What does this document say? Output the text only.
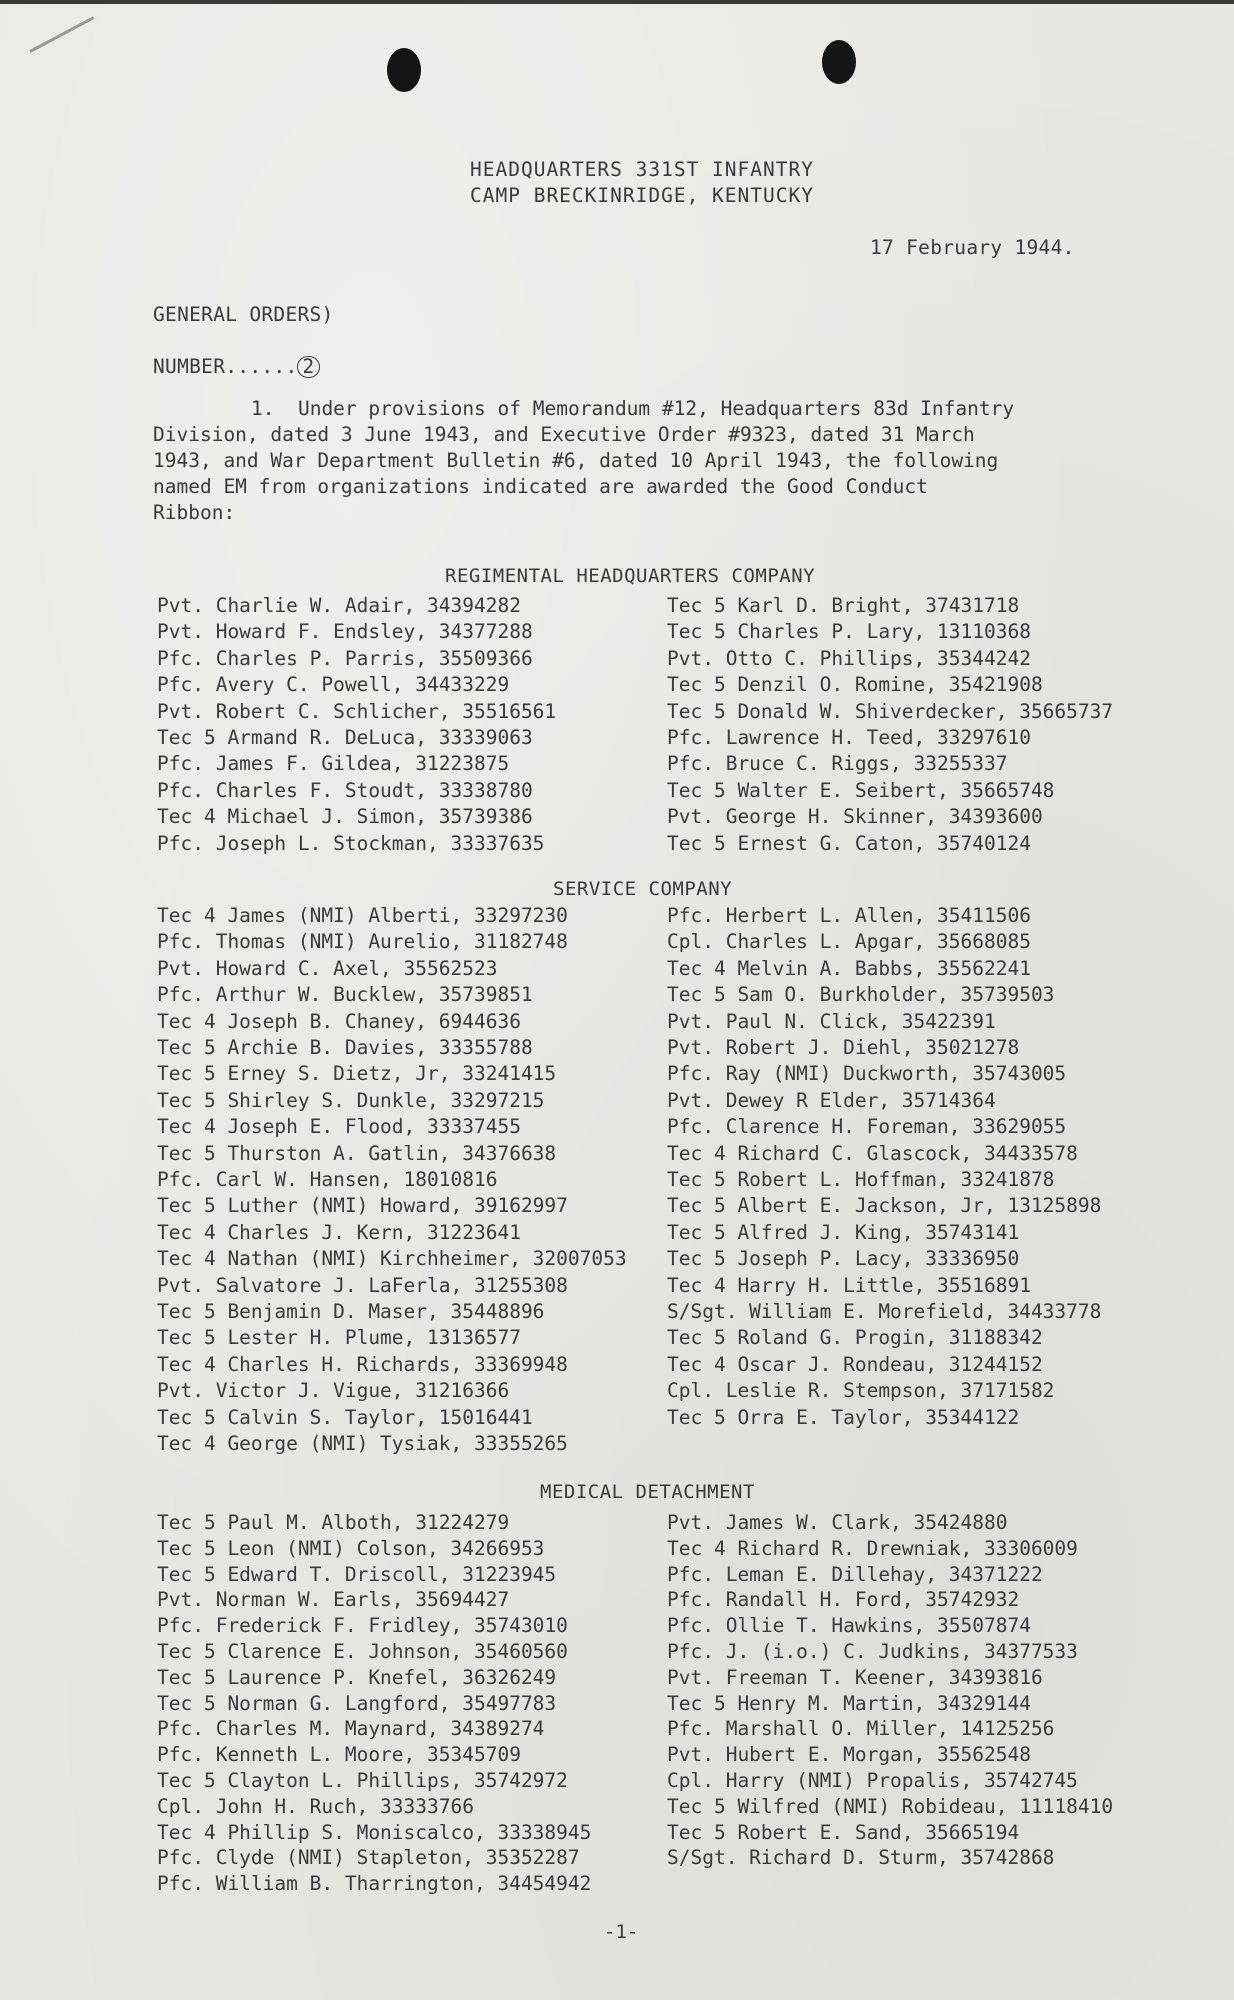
HEADQUARTERS 331ST INFANTRY
CAMP BRECKINRIDGE, KENTUCKY
17 February 1944.
GENERAL ORDERS)
NUMBER...... 2
1.  Under provisions of Memorandum #12, Headquarters 83d Infantry
Division, dated 3 June 1943, and Executive Order #9323, dated 31 March
1943, and War Department Bulletin #6, dated 10 April 1943, the following
named EM from organizations indicated are awarded the Good Conduct
Ribbon:
REGIMENTAL HEADQUARTERS COMPANY
Pvt. Charlie W. Adair, 34394282
Pvt. Howard F. Endsley, 34377288
Pfc. Charles P. Parris, 35509366
Pfc. Avery C. Powell, 34433229
Pvt. Robert C. Schlicher, 35516561
Tec 5 Armand R. DeLuca, 33339063
Pfc. James F. Gildea, 31223875
Pfc. Charles F. Stoudt, 33338780
Tec 4 Michael J. Simon, 35739386
Pfc. Joseph L. Stockman, 33337635
Tec 5 Karl D. Bright, 37431718
Tec 5 Charles P. Lary, 13110368
Pvt. Otto C. Phillips, 35344242
Tec 5 Denzil O. Romine, 35421908
Tec 5 Donald W. Shiverdecker, 35665737
Pfc. Lawrence H. Teed, 33297610
Pfc. Bruce C. Riggs, 33255337
Tec 5 Walter E. Seibert, 35665748
Pvt. George H. Skinner, 34393600
Tec 5 Ernest G. Caton, 35740124
SERVICE COMPANY
Tec 4 James (NMI) Alberti, 33297230
Pfc. Thomas (NMI) Aurelio, 31182748
Pvt. Howard C. Axel, 35562523
Pfc. Arthur W. Bucklew, 35739851
Tec 4 Joseph B. Chaney, 6944636
Tec 5 Archie B. Davies, 33355788
Tec 5 Erney S. Dietz, Jr, 33241415
Tec 5 Shirley S. Dunkle, 33297215
Tec 4 Joseph E. Flood, 33337455
Tec 5 Thurston A. Gatlin, 34376638
Pfc. Carl W. Hansen, 18010816
Tec 5 Luther (NMI) Howard, 39162997
Tec 4 Charles J. Kern, 31223641
Tec 4 Nathan (NMI) Kirchheimer, 32007053
Pvt. Salvatore J. LaFerla, 31255308
Tec 5 Benjamin D. Maser, 35448896
Tec 5 Lester H. Plume, 13136577
Tec 4 Charles H. Richards, 33369948
Pvt. Victor J. Vigue, 31216366
Tec 5 Calvin S. Taylor, 15016441
Tec 4 George (NMI) Tysiak, 33355265
Pfc. Herbert L. Allen, 35411506
Cpl. Charles L. Apgar, 35668085
Tec 4 Melvin A. Babbs, 35562241
Tec 5 Sam O. Burkholder, 35739503
Pvt. Paul N. Click, 35422391
Pvt. Robert J. Diehl, 35021278
Pfc. Ray (NMI) Duckworth, 35743005
Pvt. Dewey R Elder, 35714364
Pfc. Clarence H. Foreman, 33629055
Tec 4 Richard C. Glascock, 34433578
Tec 5 Robert L. Hoffman, 33241878
Tec 5 Albert E. Jackson, Jr, 13125898
Tec 5 Alfred J. King, 35743141
Tec 5 Joseph P. Lacy, 33336950
Tec 4 Harry H. Little, 35516891
S/Sgt. William E. Morefield, 34433778
Tec 5 Roland G. Progin, 31188342
Tec 4 Oscar J. Rondeau, 31244152
Cpl. Leslie R. Stempson, 37171582
Tec 5 Orra E. Taylor, 35344122
MEDICAL DETACHMENT
Tec 5 Paul M. Alboth, 31224279
Tec 5 Leon (NMI) Colson, 34266953
Tec 5 Edward T. Driscoll, 31223945
Pvt. Norman W. Earls, 35694427
Pfc. Frederick F. Fridley, 35743010
Tec 5 Clarence E. Johnson, 35460560
Tec 5 Laurence P. Knefel, 36326249
Tec 5 Norman G. Langford, 35497783
Pfc. Charles M. Maynard, 34389274
Pfc. Kenneth L. Moore, 35345709
Tec 5 Clayton L. Phillips, 35742972
Cpl. John H. Ruch, 33333766
Tec 4 Phillip S. Moniscalco, 33338945
Pfc. Clyde (NMI) Stapleton, 35352287
Pfc. William B. Tharrington, 34454942
Pvt. James W. Clark, 35424880
Tec 4 Richard R. Drewniak, 33306009
Pfc. Leman E. Dillehay, 34371222
Pfc. Randall H. Ford, 35742932
Pfc. Ollie T. Hawkins, 35507874
Pfc. J. (i.o.) C. Judkins, 34377533
Pvt. Freeman T. Keener, 34393816
Tec 5 Henry M. Martin, 34329144
Pfc. Marshall O. Miller, 14125256
Pvt. Hubert E. Morgan, 35562548
Cpl. Harry (NMI) Propalis, 35742745
Tec 5 Wilfred (NMI) Robideau, 11118410
Tec 5 Robert E. Sand, 35665194
S/Sgt. Richard D. Sturm, 35742868
-1-
